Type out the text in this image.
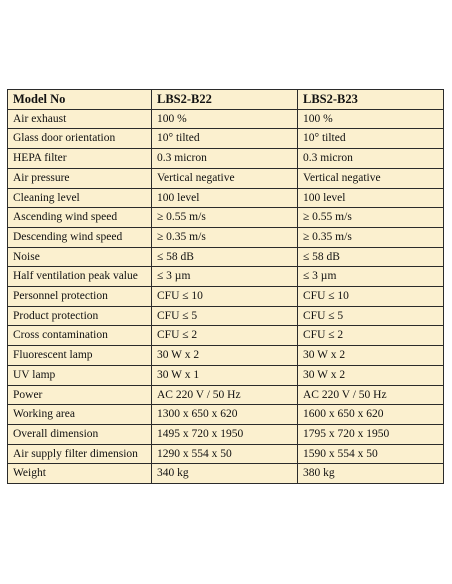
Model No	LBS2-B22	LBS2-B23
Air exhaust	100 %	100 %
Glass door orientation	10° tilted	10° tilted
HEPA filter	0.3 micron	0.3 micron
Air pressure	Vertical negative	Vertical negative
Cleaning level	100 level	100 level
Ascending wind speed	≥ 0.55 m/s	≥ 0.55 m/s
Descending wind speed	≥ 0.35 m/s	≥ 0.35 m/s
Noise	≤ 58 dB	≤ 58 dB
Half ventilation peak value	≤ 3 µm	≤ 3 µm
Personnel protection	CFU ≤ 10	CFU ≤ 10
Product protection	CFU ≤ 5	CFU ≤ 5
Cross contamination	CFU ≤ 2	CFU ≤ 2
Fluorescent lamp	30 W x 2	30 W x 2
UV lamp	30 W x 1	30 W x 2
Power	AC 220 V / 50 Hz	AC 220 V / 50 Hz
Working area	1300 x 650 x 620	1600 x 650 x 620
Overall dimension	1495 x 720 x 1950	1795 x 720 x 1950
Air supply filter dimension	1290 x 554 x 50	1590 x 554 x 50
Weight	340 kg	380 kg
